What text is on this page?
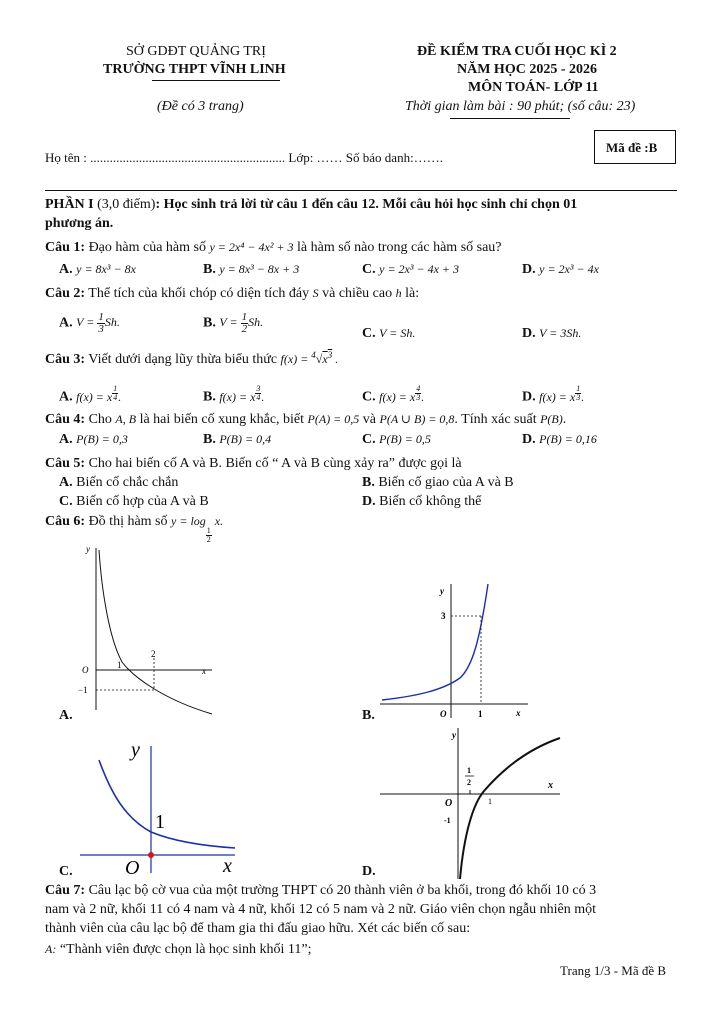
SỞ GDĐT QUẢNG TRỊ
TRƯỜNG THPT VĨNH LINH
(Đề có 3 trang)
ĐỀ KIỂM TRA CUỐI HỌC KÌ 2
NĂM HỌC 2025 - 2026
MÔN TOÁN- LỚP 11
Thời gian làm bài : 90 phút; (số câu: 23)
Mã đề :B
Họ tên : ............................................................ Lớp: …… Số báo danh:…….
PHẦN I (3,0 điểm): Học sinh trả lời từ câu 1 đến câu 12. Mỗi câu hỏi học sinh chỉ chọn 01
phương án.
Câu 1: Đạo hàm của hàm số y = 2x⁴ − 4x² + 3 là hàm số nào trong các hàm số sau?
A. y = 8x³ − 8x	B. y = 8x³ − 8x + 3	C. y = 2x³ − 4x + 3	D. y = 2x³ − 4x
Câu 2: Thể tích của khối chóp có diện tích đáy S và chiều cao h là:
A. $V = \frac{1}{3} Sh$.	B. $V = \frac{1}{2} Sh$.
C. V = Sh.	D. V = 3Sh.
Câu 3: Viết dưới dạng lũy thừa biểu thức $f(x) = ^4√x^3$ .
A. f(x) = x $^{\frac{1}{4}}$ .	B. f(x) = x $^{\frac{3}{4}}$ .	C. f(x) = x $^{\frac{4}{3}}$ .	D. f(x) = x $^{\frac{1}{3}}$ .
Câu 4: Cho A, B là hai biến cố xung khắc, biết P(A) = 0,5 và P(A ∪ B) = 0,8. Tính xác suất P(B).
A. P(B) = 0,3	B. P(B) = 0,4	C. P(B) = 0,5	D. P(B) = 0,16
Câu 5: Cho hai biến cố A và B. Biến cố “ A và B cùng xảy ra” được gọi là
A. Biến cố chắc chắn	B. Biến cố giao của A và B
C. Biến cố hợp của A và B	D. Biến cố không thể
Câu 6: Đồ thị hàm số y = log
$\frac{1}{2}$
x.
y
x
O	1
2
−1
A.
y
x
O	1
3
B.
y
x
O
1
C.
y
x
O	1
1
2
-1
D.
Câu 7: Câu lạc bộ cờ vua của một trường THPT có 20 thành viên ở ba khối, trong đó khối 10 có 3
nam và 2 nữ, khối 11 có 4 nam và 4 nữ, khối 12 có 5 nam và 2 nữ. Giáo viên chọn ngẫu nhiên một
thành viên của câu lạc bộ để tham gia thi đấu giao hữu. Xét các biến cố sau:
A: “Thành viên được chọn là học sinh khối 11”;
Trang 1/3 - Mã đề B
